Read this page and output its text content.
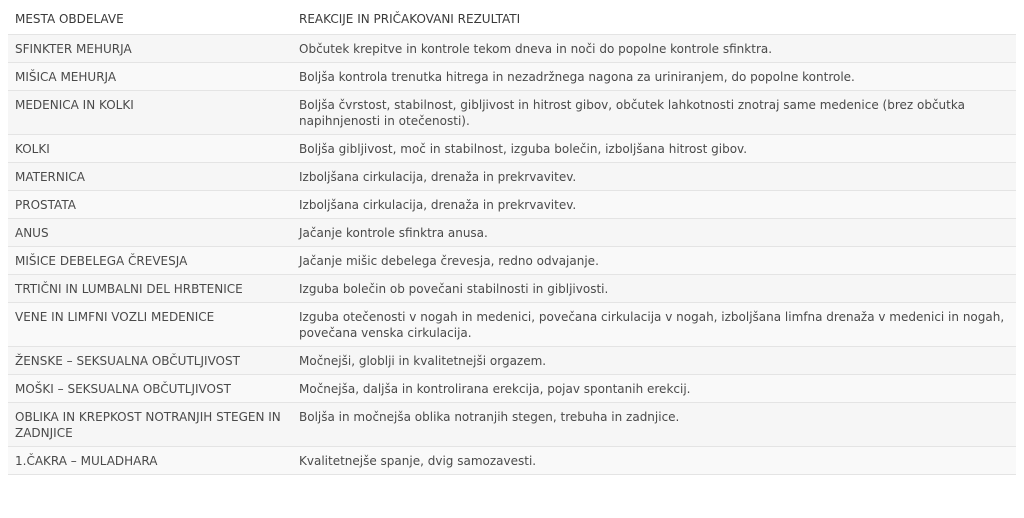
MESTA OBDELAVE	REAKCIJE IN PRIČAKOVANI REZULTATI
SFINKTER MEHURJA	Občutek krepitve in kontrole tekom dneva in noči do popolne kontrole sfinktra.
MIŠICA MEHURJA	Boljša kontrola trenutka hitrega in nezadržnega nagona za uriniranjem, do popolne kontrole.
MEDENICA IN KOLKI	Boljša čvrstost, stabilnost, gibljivost in hitrost gibov, občutek lahkotnosti znotraj same medenice (brez občutka napihnjenosti in otečenosti).
KOLKI	Boljša gibljivost, moč in stabilnost, izguba bolečin, izboljšana hitrost gibov.
MATERNICA	Izboljšana cirkulacija, drenaža in prekrvavitev.
PROSTATA	Izboljšana cirkulacija, drenaža in prekrvavitev.
ANUS	Jačanje kontrole sfinktra anusa.
MIŠICE DEBELEGA ČREVESJA	Jačanje mišic debelega črevesja, redno odvajanje.
TRTIČNI IN LUMBALNI DEL HRBTENICE	Izguba bolečin ob povečani stabilnosti in gibljivosti.
VENE IN LIMFNI VOZLI MEDENICE	Izguba otečenosti v nogah in medenici, povečana cirkulacija v nogah, izboljšana limfna drenaža v medenici in nogah, povečana venska cirkulacija.
ŽENSKE – SEKSUALNA OBČUTLJIVOST	Močnejši, globlji in kvalitetnejši orgazem.
MOŠKI – SEKSUALNA OBČUTLJIVOST	Močnejša, daljša in kontrolirana erekcija, pojav spontanih erekcij.
OBLIKA IN KREPKOST NOTRANJIH STEGEN IN ZADNJICE	Boljša in močnejša oblika notranjih stegen, trebuha in zadnjice.
1.ČAKRA – MULADHARA	Kvalitetnejše spanje, dvig samozavesti.
